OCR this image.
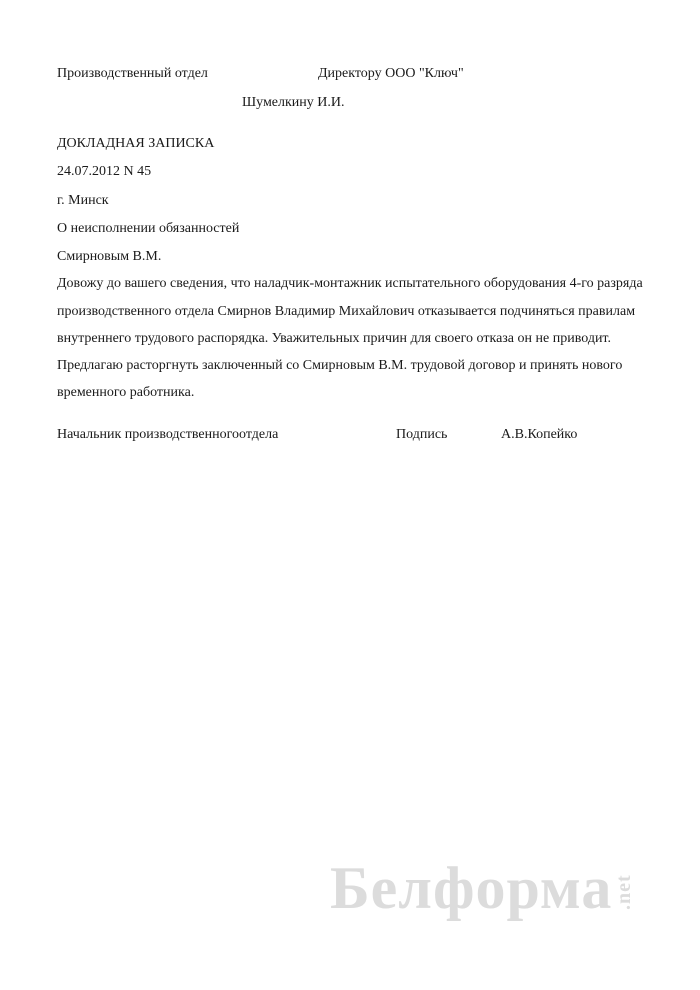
Производственный отдел	Директору ООО "Ключ"
Шумелкину И.И.
ДОКЛАДНАЯ ЗАПИСКА
24.07.2012 N 45
г. Минск
О неисполнении обязанностей
Смирновым В.М.
Довожу до вашего сведения, что наладчик-монтажник испытательного оборудования 4-го разряда
производственного отдела Смирнов Владимир Михайлович отказывается подчиняться правилам
внутреннего трудового распорядка. Уважительных причин для своего отказа он не приводит.
Предлагаю расторгнуть заключенный со Смирновым В.М. трудовой договор и принять нового
временного работника.
Начальник производственногоотдела	Подпись	А.В.Копейко
Белформа.net
